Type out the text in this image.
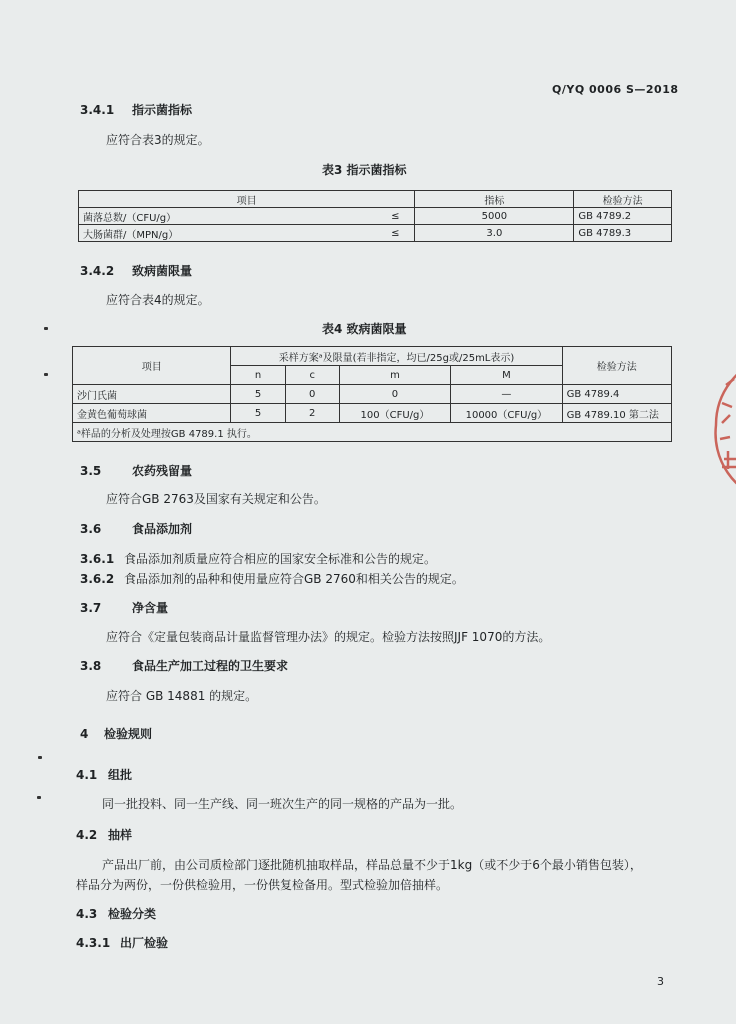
Q/YQ 0006 S—2018
3.4.1 指示菌指标
应符合表3的规定。
表3 指示菌指标
项目		指标	检验方法
菌落总数/（CFU/g）	≤	5000	GB 4789.2
大肠菌群/（MPN/g）	≤	3.0	GB 4789.3
3.4.2 致病菌限量
应符合表4的规定。
表4 致病菌限量
项目	采样方案ᵃ及限量(若非指定，均已/25g或/25mL表示)				检验方法
	n	c	m	M	
沙门氏菌	5	0	0	—	GB 4789.4
金黄色葡萄球菌	5	2	100（CFU/g）	10000（CFU/g）	GB 4789.10 第二法
ᵃ样品的分析及处理按GB 4789.1 执行。					
3.5	农药残留量
应符合GB 2763及国家有关规定和公告。
3.6	食品添加剂
3.6.1 食品添加剂质量应符合相应的国家安全标准和公告的规定。
3.6.2 食品添加剂的品种和使用量应符合GB 2760和相关公告的规定。
3.7	净含量
应符合《定量包装商品计量监督管理办法》的规定。检验方法按照JJF 1070的方法。
3.8	食品生产加工过程的卫生要求
应符合 GB 14881 的规定。
4 检验规则
4.1 组批
同一批投料、同一生产线、同一班次生产的同一规格的产品为一批。
4.2 抽样
产品出厂前，由公司质检部门逐批随机抽取样品，样品总量不少于1kg（或不少于6个最小销售包装），
样品分为两份，一份供检验用，一份供复检备用。型式检验加倍抽样。
4.3 检验分类
4.3.1 出厂检验
3
